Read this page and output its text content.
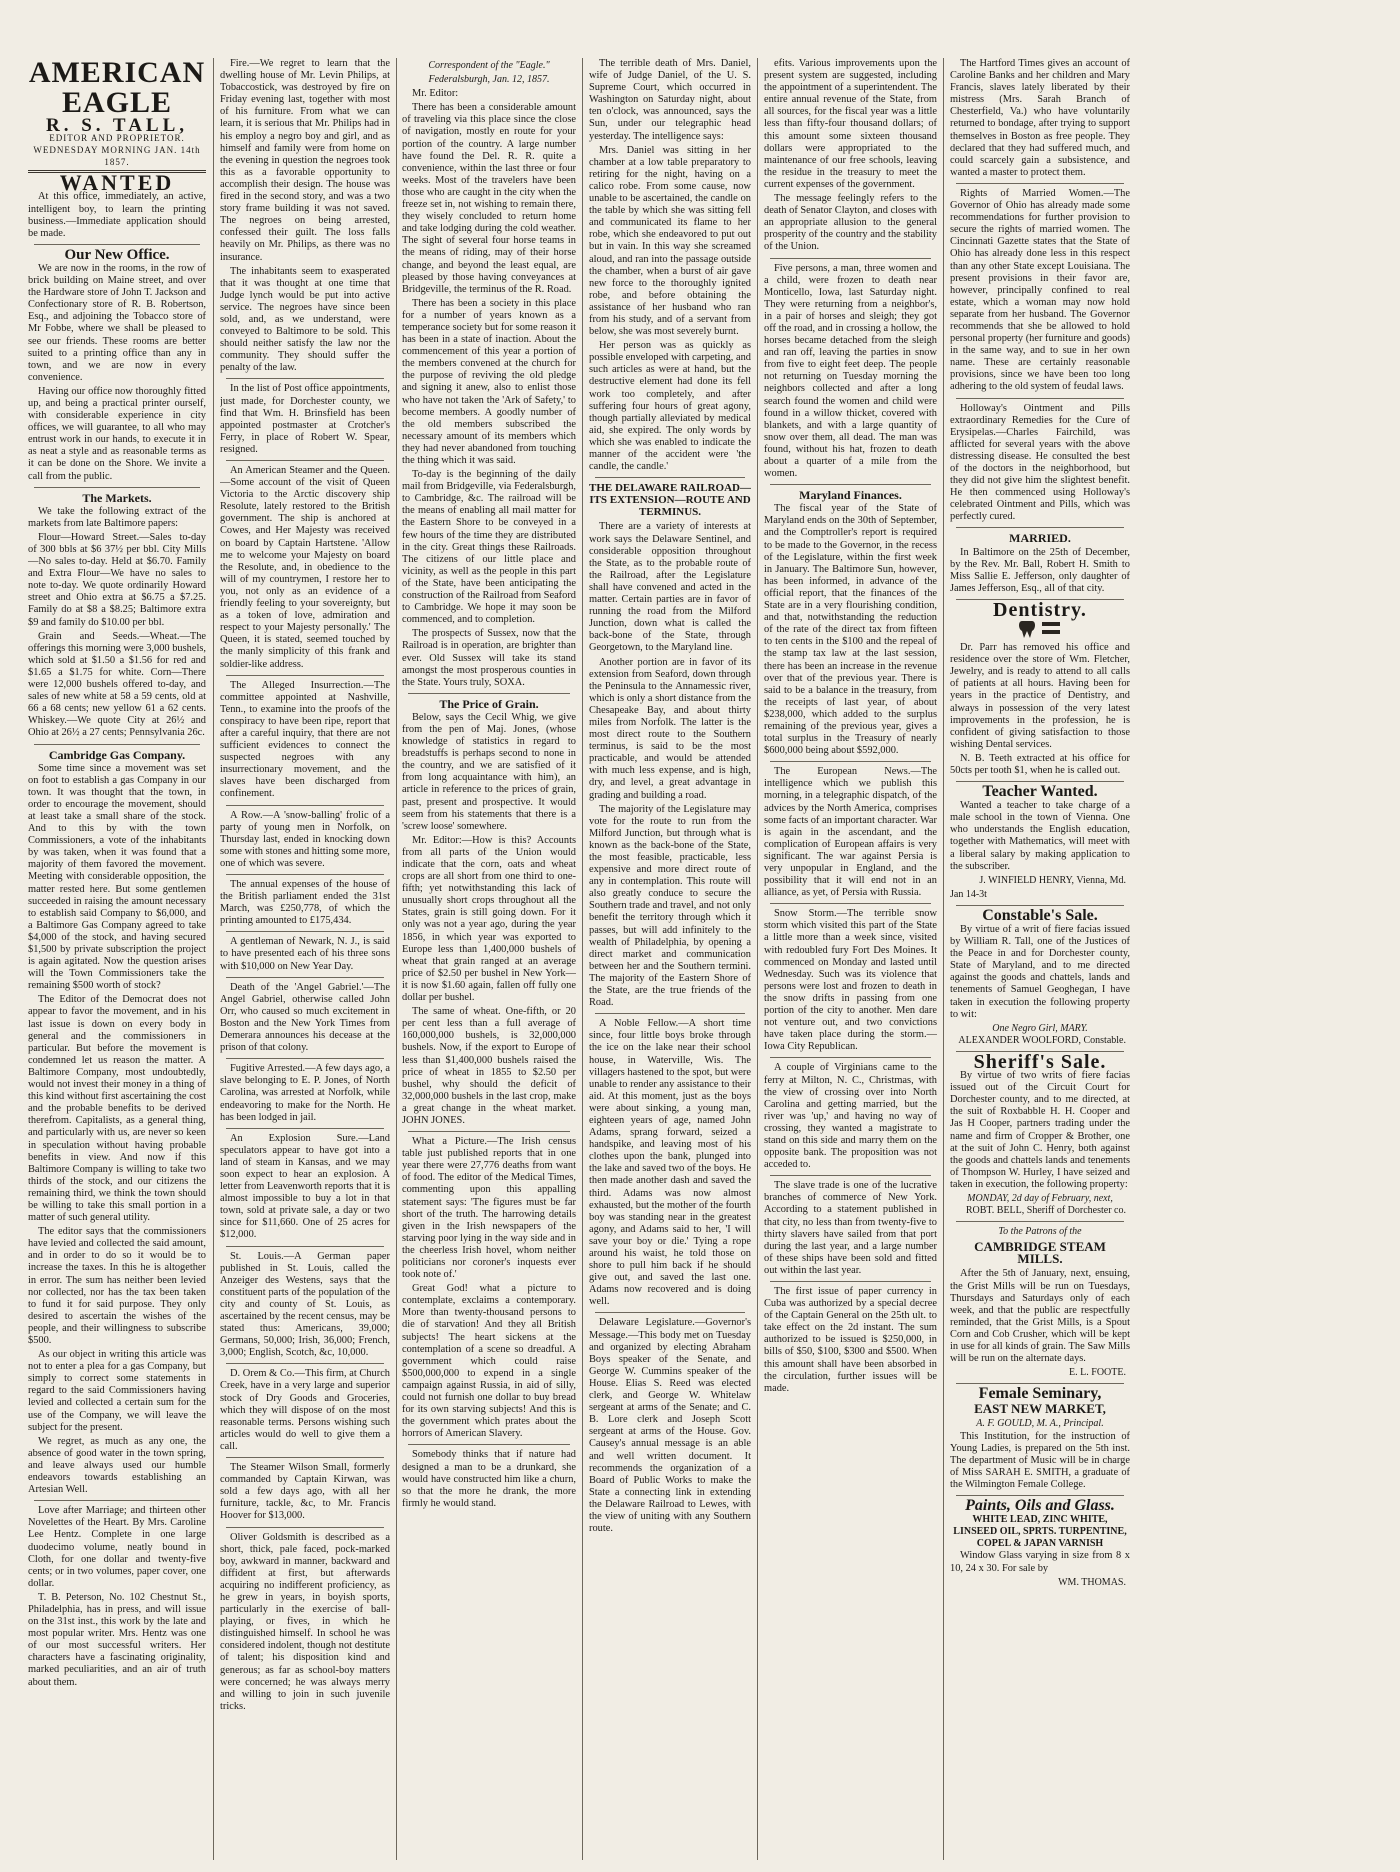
AMERICAN EAGLE
R. S. TALL,
EDITOR AND PROPRIETOR.
WEDNESDAY MORNING JAN. 14th 1857.
WANTED

At this office, immediately, an active, intelligent boy, to learn the printing business.—Immediate application should be made.

Our New Office.

We are now in the rooms, in the row of brick building on Maine street, and over the Hardware store of John T. Jackson and Confectionary store of R. B. Robertson, Esq., and adjoining the Tobacco store of Mr Fobbe, where we shall be pleased to see our friends. These rooms are better suited to a printing office than any in town, and we are now in every convenience.

Having our office now thoroughly fitted up, and being a practical printer ourself, with considerable experience in city offices, we will guarantee, to all who may entrust work in our hands, to execute it in as neat a style and as reasonable terms as it can be done on the Shore. We invite a call from the public.

The Markets.

We take the following extract of the markets from late Baltimore papers:

Flour—Howard Street.—Sales to-day of 300 bbls at $6 37½ per bbl. City Mills—No sales to-day. Held at $6.70. Family and Extra Flour—We have no sales to note to-day. We quote ordinarily Howard street and Ohio extra at $6.75 a $7.25. Family do at $8 a $8.25; Baltimore extra $9 and family do $10.00 per bbl.

Grain and Seeds.—Wheat.—The offerings this morning were 3,000 bushels, which sold at $1.50 a $1.56 for red and $1.65 a $1.75 for white. Corn—There were 12,000 bushels offered to-day, and sales of new white at 58 a 59 cents, old at 66 a 68 cents; new yellow 61 a 62 cents. Whiskey.—We quote City at 26½ and Ohio at 26½ a 27 cents; Pennsylvania 26c.

Cambridge Gas Company.

Some time since a movement was set on foot to establish a gas Company in our town. It was thought that the town, in order to encourage the movement, should at least take a small share of the stock. And to this by with the town Commissioners, a vote of the inhabitants by was taken, when it was found that a majority of them favored the movement. Meeting with considerable opposition, the matter rested here. But some gentlemen succeeded in raising the amount necessary to establish said Company to $6,000, and a Baltimore Gas Company agreed to take $4,000 of the stock, and having secured $1,500 by private subscription the project is again agitated. Now the question arises will the Town Commissioners take the remaining $500 worth of stock?

The Editor of the Democrat does not appear to favor the movement, and in his last issue is down on every body in general and the commissioners in particular. But before the movement is condemned let us reason the matter. A Baltimore Company, most undoubtedly, would not invest their money in a thing of this kind without first ascertaining the cost and the probable benefits to be derived therefrom. Capitalists, as a general thing, and particularly with us, are never so keen in speculation without having probable benefits in view. And now if this Baltimore Company is willing to take two thirds of the stock, and our citizens the remaining third, we think the town should be willing to take this small portion in a matter of such general utility.

The editor says that the commissioners have levied and collected the said amount, and in order to do so it would be to increase the taxes. In this he is altogether in error. The sum has neither been levied nor collected, nor has the tax been taken to fund it for said purpose. They only desired to ascertain the wishes of the people, and their willingness to subscribe $500.

As our object in writing this article was not to enter a plea for a gas Company, but simply to correct some statements in regard to the said Commissioners having levied and collected a certain sum for the use of the Company, we will leave the subject for the present.

We regret, as much as any one, the absence of good water in the town spring, and leave always used our humble endeavors towards establishing an Artesian Well.

Love after Marriage; and thirteen other Novelettes of the Heart. By Mrs. Caroline Lee Hentz. Complete in one large duodecimo volume, neatly bound in Cloth, for one dollar and twenty-five cents; or in two volumes, paper cover, one dollar.

T. B. Peterson, No. 102 Chestnut St., Philadelphia, has in press, and will issue on the 31st inst., this work by the late and most popular writer. Mrs. Hentz was one of our most successful writers. Her characters have a fascinating originality, marked peculiarities, and an air of truth about them.

Fire.—We regret to learn that the dwelling house of Mr. Levin Philips, at Tobaccostick, was destroyed by fire on Friday evening last, together with most of his furniture. From what we can learn, it is serious that Mr. Philips had in his employ a negro boy and girl, and as himself and family were from home on the evening in question the negroes took this as a favorable opportunity to accomplish their design. The house was fired in the second story, and was a two story frame building it was not saved. The negroes on being arrested, confessed their guilt. The loss falls heavily on Mr. Philips, as there was no insurance.

The inhabitants seem to exasperated that it was thought at one time that Judge lynch would be put into active service. The negroes have since been sold, and, as we understand, were conveyed to Baltimore to be sold. This should neither satisfy the law nor the community. They should suffer the penalty of the law.

In the list of Post office appointments, just made, for Dorchester county, we find that Wm. H. Brinsfield has been appointed postmaster at Crotcher's Ferry, in place of Robert W. Spear, resigned.

An American Steamer and the Queen.—Some account of the visit of Queen Victoria to the Arctic discovery ship Resolute, lately restored to the British government. The ship is anchored at Cowes, and Her Majesty was received on board by Captain Hartstene. 'Allow me to welcome your Majesty on board the Resolute, and, in obedience to the will of my countrymen, I restore her to you, not only as an evidence of a friendly feeling to your sovereignty, but as a token of love, admiration and respect to your Majesty personally.' The Queen, it is stated, seemed touched by the manly simplicity of this frank and soldier-like address.

The Alleged Insurrection.—The committee appointed at Nashville, Tenn., to examine into the proofs of the conspiracy to have been ripe, report that after a careful inquiry, that there are not sufficient evidences to connect the suspected negroes with any insurrectionary movement, and the slaves have been discharged from confinement.

A Row.—A 'snow-balling' frolic of a party of young men in Norfolk, on Thursday last, ended in knocking down some with stones and hitting some more, one of which was severe.

The annual expenses of the house of the British parliament ended the 31st March, was £250,778, of which the printing amounted to £175,434.

A gentleman of Newark, N. J., is said to have presented each of his three sons with $10,000 on New Year Day.

Death of the 'Angel Gabriel.'—The Angel Gabriel, otherwise called John Orr, who caused so much excitement in Boston and the New York Times from Demerara announces his decease at the prison of that colony.

Fugitive Arrested.—A few days ago, a slave belonging to E. P. Jones, of North Carolina, was arrested at Norfolk, while endeavoring to make for the North. He has been lodged in jail.

An Explosion Sure.—Land speculators appear to have got into a land of steam in Kansas, and we may soon expect to hear an explosion. A letter from Leavenworth reports that it is almost impossible to buy a lot in that town, sold at private sale, a day or two since for $11,660. One of 25 acres for $12,000.

St. Louis.—A German paper published in St. Louis, called the Anzeiger des Westens, says that the constituent parts of the population of the city and county of St. Louis, as ascertained by the recent census, may be stated thus: Americans, 39,000; Germans, 50,000; Irish, 36,000; French, 3,000; English, Scotch, &c, 10,000.

D. Orem & Co.—This firm, at Church Creek, have in a very large and superior stock of Dry Goods and Groceries, which they will dispose of on the most reasonable terms. Persons wishing such articles would do well to give them a call.

The Steamer Wilson Small, formerly commanded by Captain Kirwan, was sold a few days ago, with all her furniture, tackle, &c, to Mr. Francis Hoover for $13,000.

Oliver Goldsmith is described as a short, thick, pale faced, pock-marked boy, awkward in manner, backward and diffident at first, but afterwards acquiring no indifferent proficiency, as he grew in years, in boyish sports, particularly in the exercise of ball-playing, or fives, in which he distinguished himself. In school he was considered indolent, though not destitute of talent; his disposition kind and generous; as far as school-boy matters were concerned; he was always merry and willing to join in such juvenile tricks.

Correspondent of the "Eagle."
Federalsburgh, Jan. 12, 1857.

Mr. Editor:

There has been a considerable amount of traveling via this place since the close of navigation, mostly en route for your portion of the country. A large number have found the Del. R. R. quite a convenience, within the last three or four weeks. Most of the travelers have been those who are caught in the city when the freeze set in, not wishing to remain there, they wisely concluded to return home and take lodging during the cold weather. The sight of several four horse teams in the means of riding, may of their horse change, and beyond the least equal, are pleased by those having conveyances at Bridgeville, the terminus of the R. Road.

There has been a society in this place for a number of years known as a temperance society but for some reason it has been in a state of inaction. About the commencement of this year a portion of the members convened at the church for the purpose of reviving the old pledge and signing it anew, also to enlist those who have not taken the 'Ark of Safety,' to become members. A goodly number of the old members subscribed the necessary amount of its members which they had never abandoned from touching the thing which it was said.

To-day is the beginning of the daily mail from Bridgeville, via Federalsburgh, to Cambridge, &c. The railroad will be the means of enabling all mail matter for the Eastern Shore to be conveyed in a few hours of the time they are distributed in the city. Great things these Railroads. The citizens of our little place and vicinity, as well as the people in this part of the State, have been anticipating the construction of the Railroad from Seaford to Cambridge. We hope it may soon be commenced, and to completion.

The prospects of Sussex, now that the Railroad is in operation, are brighter than ever. Old Sussex will take its stand amongst the most prosperous counties in the State. Yours truly, SOXA.

The Price of Grain.

Below, says the Cecil Whig, we give from the pen of Maj. Jones, (whose knowledge of statistics in regard to breadstuffs is perhaps second to none in the country, and we are satisfied of it from long acquaintance with him), an article in reference to the prices of grain, past, present and prospective. It would seem from his statements that there is a 'screw loose' somewhere.

Mr. Editor:—How is this? Accounts from all parts of the Union would indicate that the corn, oats and wheat crops are all short from one third to one-fifth; yet notwithstanding this lack of unusually short crops throughout all the States, grain is still going down. For it only was not a year ago, during the year 1856, in which year was exported to Europe less than 1,400,000 bushels of wheat that grain ranged at an average price of $2.50 per bushel in New York—it is now $1.60 again, fallen off fully one dollar per bushel.

The same of wheat. One-fifth, or 20 per cent less than a full average of 160,000,000 bushels, is 32,000,000 bushels. Now, if the export to Europe of less than $1,400,000 bushels raised the price of wheat in 1855 to $2.50 per bushel, why should the deficit of 32,000,000 bushels in the last crop, make a great change in the wheat market. JOHN JONES.

What a Picture.—The Irish census table just published reports that in one year there were 27,776 deaths from want of food. The editor of the Medical Times, commenting upon this appalling statement says: 'The figures must be far short of the truth. The harrowing details given in the Irish newspapers of the starving poor lying in the way side and in the cheerless Irish hovel, whom neither politicians nor coroner's inquests ever took note of.'

Great God! what a picture to contemplate, exclaims a contemporary. More than twenty-thousand persons to die of starvation! And they all British subjects! The heart sickens at the contemplation of a scene so dreadful. A government which could raise $500,000,000 to expend in a single campaign against Russia, in aid of silly, could not furnish one dollar to buy bread for its own starving subjects! And this is the government which prates about the horrors of American Slavery.

Somebody thinks that if nature had designed a man to be a drunkard, she would have constructed him like a churn, so that the more he drank, the more firmly he would stand.

The terrible death of Mrs. Daniel, wife of Judge Daniel, of the U. S. Supreme Court, which occurred in Washington on Saturday night, about ten o'clock, was announced, says the Sun, under our telegraphic head yesterday. The intelligence says:

Mrs. Daniel was sitting in her chamber at a low table preparatory to retiring for the night, having on a calico robe. From some cause, now unable to be ascertained, the candle on the table by which she was sitting fell and communicated its flame to her robe, which she endeavored to put out but in vain. In this way she screamed aloud, and ran into the passage outside the chamber, when a burst of air gave new force to the thoroughly ignited robe, and before obtaining the assistance of her husband who ran from his study, and of a servant from below, she was most severely burnt.

Her person was as quickly as possible enveloped with carpeting, and such articles as were at hand, but the destructive element had done its fell work too completely, and after suffering four hours of great agony, though partially alleviated by medical aid, she expired. The only words by which she was enabled to indicate the manner of the accident were 'the candle, the candle.'

THE DELAWARE RAILROAD—ITS EXTENSION—ROUTE AND TERMINUS.

There are a variety of interests at work says the Delaware Sentinel, and considerable opposition throughout the State, as to the probable route of the Railroad, after the Legislature shall have convened and acted in the matter. Certain parties are in favor of running the road from the Milford Junction, down what is called the back-bone of the State, through Georgetown, to the Maryland line.

Another portion are in favor of its extension from Seaford, down through the Peninsula to the Annamessic river, which is only a short distance from the Chesapeake Bay, and about thirty miles from Norfolk. The latter is the most direct route to the Southern terminus, is said to be the most practicable, and would be attended with much less expense, and is high, dry, and level, a great advantage in grading and building a road.

The majority of the Legislature may vote for the route to run from the Milford Junction, but through what is known as the back-bone of the State, the most feasible, practicable, less expensive and more direct route of any in contemplation. This route will also greatly conduce to secure the Southern trade and travel, and not only benefit the territory through which it passes, but will add infinitely to the wealth of Philadelphia, by opening a direct market and communication between her and the Southern termini. The majority of the Eastern Shore of the State, are the true friends of the Road.

A Noble Fellow.—A short time since, four little boys broke through the ice on the lake near their school house, in Waterville, Wis. The villagers hastened to the spot, but were unable to render any assistance to their aid. At this moment, just as the boys were about sinking, a young man, eighteen years of age, named John Adams, sprang forward, seized a handspike, and leaving most of his clothes upon the bank, plunged into the lake and saved two of the boys. He then made another dash and saved the third. Adams was now almost exhausted, but the mother of the fourth boy was standing near in the greatest agony, and Adams said to her, 'I will save your boy or die.' Tying a rope around his waist, he told those on shore to pull him back if he should give out, and saved the last one. Adams now recovered and is doing well.

Delaware Legislature.—Governor's Message.—This body met on Tuesday and organized by electing Abraham Boys speaker of the Senate, and George W. Cummins speaker of the House. Elias S. Reed was elected clerk, and George W. Whitelaw sergeant at arms of the Senate; and C. B. Lore clerk and Joseph Scott sergeant at arms of the House. Gov. Causey's annual message is an able and well written document. It recommends the organization of a Board of Public Works to make the State a connecting link in extending the Delaware Railroad to Lewes, with the view of uniting with any Southern route.

efits. Various improvements upon the present system are suggested, including the appointment of a superintendent. The entire annual revenue of the State, from all sources, for the fiscal year was a little less than fifty-four thousand dollars; of this amount some sixteen thousand dollars were appropriated to the maintenance of our free schools, leaving the residue in the treasury to meet the current expenses of the government.

The message feelingly refers to the death of Senator Clayton, and closes with an appropriate allusion to the general prosperity of the country and the stability of the Union.

Five persons, a man, three women and a child, were frozen to death near Monticello, Iowa, last Saturday night. They were returning from a neighbor's, in a pair of horses and sleigh; they got off the road, and in crossing a hollow, the horses became detached from the sleigh and ran off, leaving the parties in snow from five to eight feet deep. The people not returning on Tuesday morning the neighbors collected and after a long search found the women and child were found in a willow thicket, covered with blankets, and with a large quantity of snow over them, all dead. The man was found, without his hat, frozen to death about a quarter of a mile from the women.

Maryland Finances.

The fiscal year of the State of Maryland ends on the 30th of September, and the Comptroller's report is required to be made to the Governor, in the recess of the Legislature, within the first week in January. The Baltimore Sun, however, has been informed, in advance of the official report, that the finances of the State are in a very flourishing condition, and that, notwithstanding the reduction of the rate of the direct tax from fifteen to ten cents in the $100 and the repeal of the stamp tax law at the last session, there has been an increase in the revenue over that of the previous year. There is said to be a balance in the treasury, from the receipts of last year, of about $238,000, which added to the surplus remaining of the previous year, gives a total surplus in the Treasury of nearly $600,000 being about $592,000.

The European News.—The intelligence which we publish this morning, in a telegraphic dispatch, of the advices by the North America, comprises some facts of an important character. War is again in the ascendant, and the complication of European affairs is very significant. The war against Persia is very unpopular in England, and the possibility that it will end not in an alliance, as yet, of Persia with Russia.

Snow Storm.—The terrible snow storm which visited this part of the State a little more than a week since, visited with redoubled fury Fort Des Moines. It commenced on Monday and lasted until Wednesday. Such was its violence that persons were lost and frozen to death in the snow drifts in passing from one portion of the city to another. Men dare not venture out, and two convictions have taken place during the storm.—Iowa City Republican.

A couple of Virginians came to the ferry at Milton, N. C., Christmas, with the view of crossing over into North Carolina and getting married, but the river was 'up,' and having no way of crossing, they wanted a magistrate to stand on this side and marry them on the opposite bank. The proposition was not acceded to.

The slave trade is one of the lucrative branches of commerce of New York. According to a statement published in that city, no less than from twenty-five to thirty slavers have sailed from that port during the last year, and a large number of these ships have been sold and fitted out within the last year.

The first issue of paper currency in Cuba was authorized by a special decree of the Captain General on the 25th ult. to take effect on the 2d instant. The sum authorized to be issued is $250,000, in bills of $50, $100, $300 and $500. When this amount shall have been absorbed in the circulation, further issues will be made.

The Hartford Times gives an account of Caroline Banks and her children and Mary Francis, slaves lately liberated by their mistress (Mrs. Sarah Branch of Chesterfield, Va.) who have voluntarily returned to bondage, after trying to support themselves in Boston as free people. They declared that they had suffered much, and could scarcely gain a subsistence, and wanted a master to protect them.

Rights of Married Women.—The Governor of Ohio has already made some recommendations for further provision to secure the rights of married women. The Cincinnati Gazette states that the State of Ohio has already done less in this respect than any other State except Louisiana. The present provisions in their favor are, however, principally confined to real estate, which a woman may now hold separate from her husband. The Governor recommends that she be allowed to hold personal property (her furniture and goods) in the same way, and to sue in her own name. These are certainly reasonable provisions, since we have been too long adhering to the old system of feudal laws.

Holloway's Ointment and Pills extraordinary Remedies for the Cure of Erysipelas.—Charles Fairchild, was afflicted for several years with the above distressing disease. He consulted the best of the doctors in the neighborhood, but they did not give him the slightest benefit. He then commenced using Holloway's celebrated Ointment and Pills, which was perfectly cured.

MARRIED.

In Baltimore on the 25th of December, by the Rev. Mr. Ball, Robert H. Smith to Miss Sallie E. Jefferson, only daughter of James Jefferson, Esq., all of that city.

Dentistry.

Dr. Parr has removed his office and residence over the store of Wm. Fletcher, Jewelry, and is ready to attend to all calls of patients at all hours. Having been for years in the practice of Dentistry, and always in possession of the very latest improvements in the profession, he is confident of giving satisfaction to those wishing Dental services.

N. B. Teeth extracted at his office for 50cts per tooth $1, when he is called out.

Teacher Wanted.

Wanted a teacher to take charge of a male school in the town of Vienna. One who understands the English education, together with Mathematics, will meet with a liberal salary by making application to the subscriber.

J. WINFIELD HENRY, Vienna, Md.
Jan 14-3t
Constable's Sale.

By virtue of a writ of fiere facias issued by William R. Tall, one of the Justices of the Peace in and for Dorchester county, State of Maryland, and to me directed against the goods and chattels, lands and tenements of Samuel Geoghegan, I have taken in execution the following property to wit:

One Negro Girl, MARY.
ALEXANDER WOOLFORD, Constable.
Sheriff's Sale.

By virtue of two writs of fiere facias issued out of the Circuit Court for Dorchester county, and to me directed, at the suit of Roxbabble H. H. Cooper and Jas H Cooper, partners trading under the name and firm of Cropper & Brother, one at the suit of John C. Henry, both against the goods and chattels lands and tenements of Thompson W. Hurley, I have seized and taken in execution, the following property:

MONDAY, 2d day of February, next,
ROBT. BELL, Sheriff of Dorchester co.
To the Patrons of the
CAMBRIDGE STEAM MILLS.

After the 5th of January, next, ensuing, the Grist Mills will be run on Tuesdays, Thursdays and Saturdays only of each week, and that the public are respectfully reminded, that the Grist Mills, is a Spout Corn and Cob Crusher, which will be kept in use for all kinds of grain. The Saw Mills will be run on the alternate days.

E. L. FOOTE.
Female Seminary,
EAST NEW MARKET,
A. F. GOULD, M. A., Principal.

This Institution, for the instruction of Young Ladies, is prepared on the 5th inst. The department of Music will be in charge of Miss SARAH E. SMITH, a graduate of the Wilmington Female College.

Paints, Oils and Glass.
WHITE LEAD, ZINC WHITE, LINSEED OIL, SPRTS. TURPENTINE, COPEL & JAPAN VARNISH

Window Glass varying in size from 8 x 10, 24 x 30. For sale by

WM. THOMAS.
